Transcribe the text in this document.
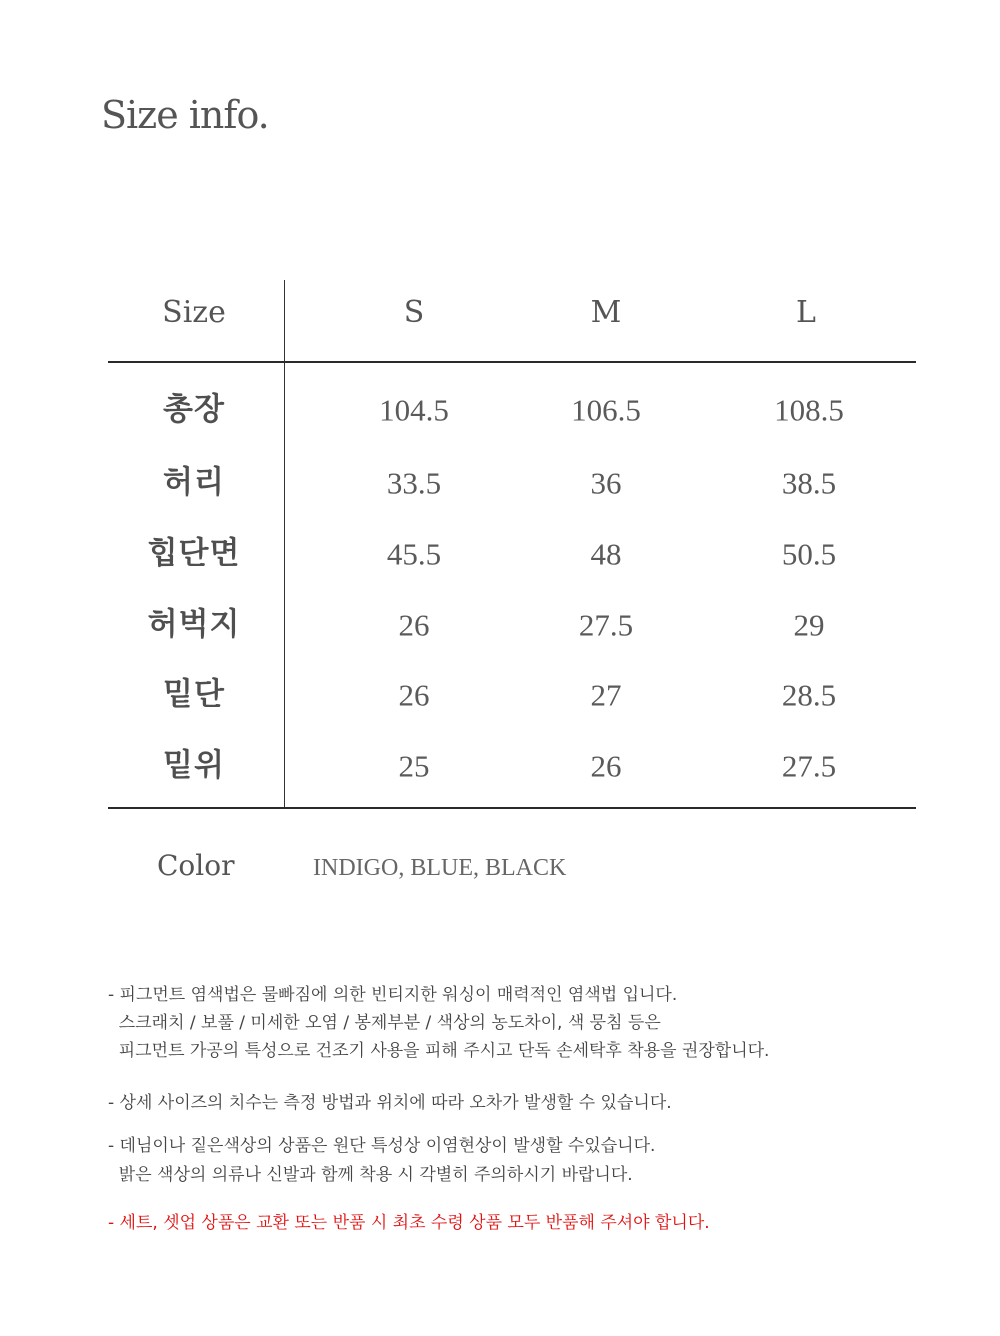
Size info.
Size	S	M	L
총장	104.5	106.5	108.5
허리	33.5	36	38.5
힙단면	45.5	48	50.5
허벅지	26	27.5	29
밑단	26	27	28.5
밑위	25	26	27.5
Color	INDIGO, BLUE, BLACK
- 피그먼트 염색법은 물빠짐에 의한 빈티지한 워싱이 매력적인 염색법 입니다.
스크래치 / 보풀 / 미세한 오염 / 봉제부분 / 색상의 농도차이, 색 뭉침 등은
피그먼트 가공의 특성으로 건조기 사용을 피해 주시고 단독 손세탁후 착용을 권장합니다.
- 상세 사이즈의 치수는 측정 방법과 위치에 따라 오차가 발생할 수 있습니다.
- 데님이나 짙은색상의 상품은 원단 특성상 이염현상이 발생할 수있습니다.
밝은 색상의 의류나 신발과 함께 착용 시 각별히 주의하시기 바랍니다.
- 세트, 셋업 상품은 교환 또는 반품 시 최초 수령 상품 모두 반품해 주셔야 합니다.
